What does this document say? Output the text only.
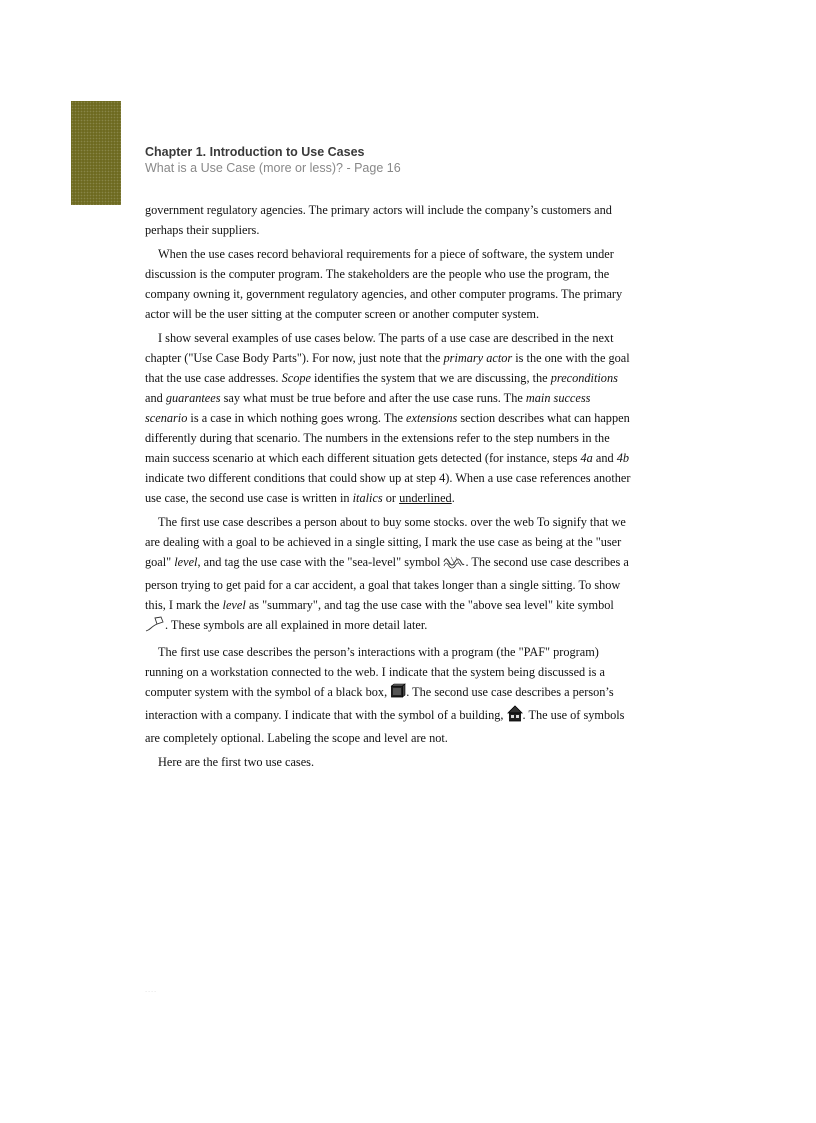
Chapter 1. Introduction to Use Cases
What is a Use Case (more or less)? - Page 16

government regulatory agencies. The primary actors will include the company’s customers and
perhaps their suppliers.

When the use cases record behavioral requirements for a piece of software, the system under
discussion is the computer program. The stakeholders are the people who use the program, the
company owning it, government regulatory agencies, and other computer programs. The primary
actor will be the user sitting at the computer screen or another computer system.

I show several examples of use cases below. The parts of a use case are described in the next
chapter ("Use Case Body Parts"). For now, just note that the primary actor is the one with the goal
that the use case addresses. Scope identifies the system that we are discussing, the preconditions
and guarantees say what must be true before and after the use case runs. The main success
scenario is a case in which nothing goes wrong. The extensions section describes what can happen
differently during that scenario. The numbers in the extensions refer to the step numbers in the
main success scenario at which each different situation gets detected (for instance, steps 4a and 4b
indicate two different conditions that could show up at step 4). When a use case references another
use case, the second use case is written in italics or underlined.

The first use case describes a person about to buy some stocks. over the web To signify that we
are dealing with a goal to be achieved in a single sitting, I mark the use case as being at the "user
goal" level, and tag the use case with the "sea-level" symbol . The second use case describes a
person trying to get paid for a car accident, a goal that takes longer than a single sitting. To show
this, I mark the level as "summary", and tag the use case with the "above sea level" kite symbol
. These symbols are all explained in more detail later.

The first use case describes the person’s interactions with a program (the "PAF" program)
running on a workstation connected to the web. I indicate that the system being discussed is a
computer system with the symbol of a black box, . The second use case describes a person’s
interaction with a company. I indicate that with the symbol of a building, . The use of symbols
are completely optional. Labeling the scope and level are not.

Here are the first two use cases.

˙˙˙˙
